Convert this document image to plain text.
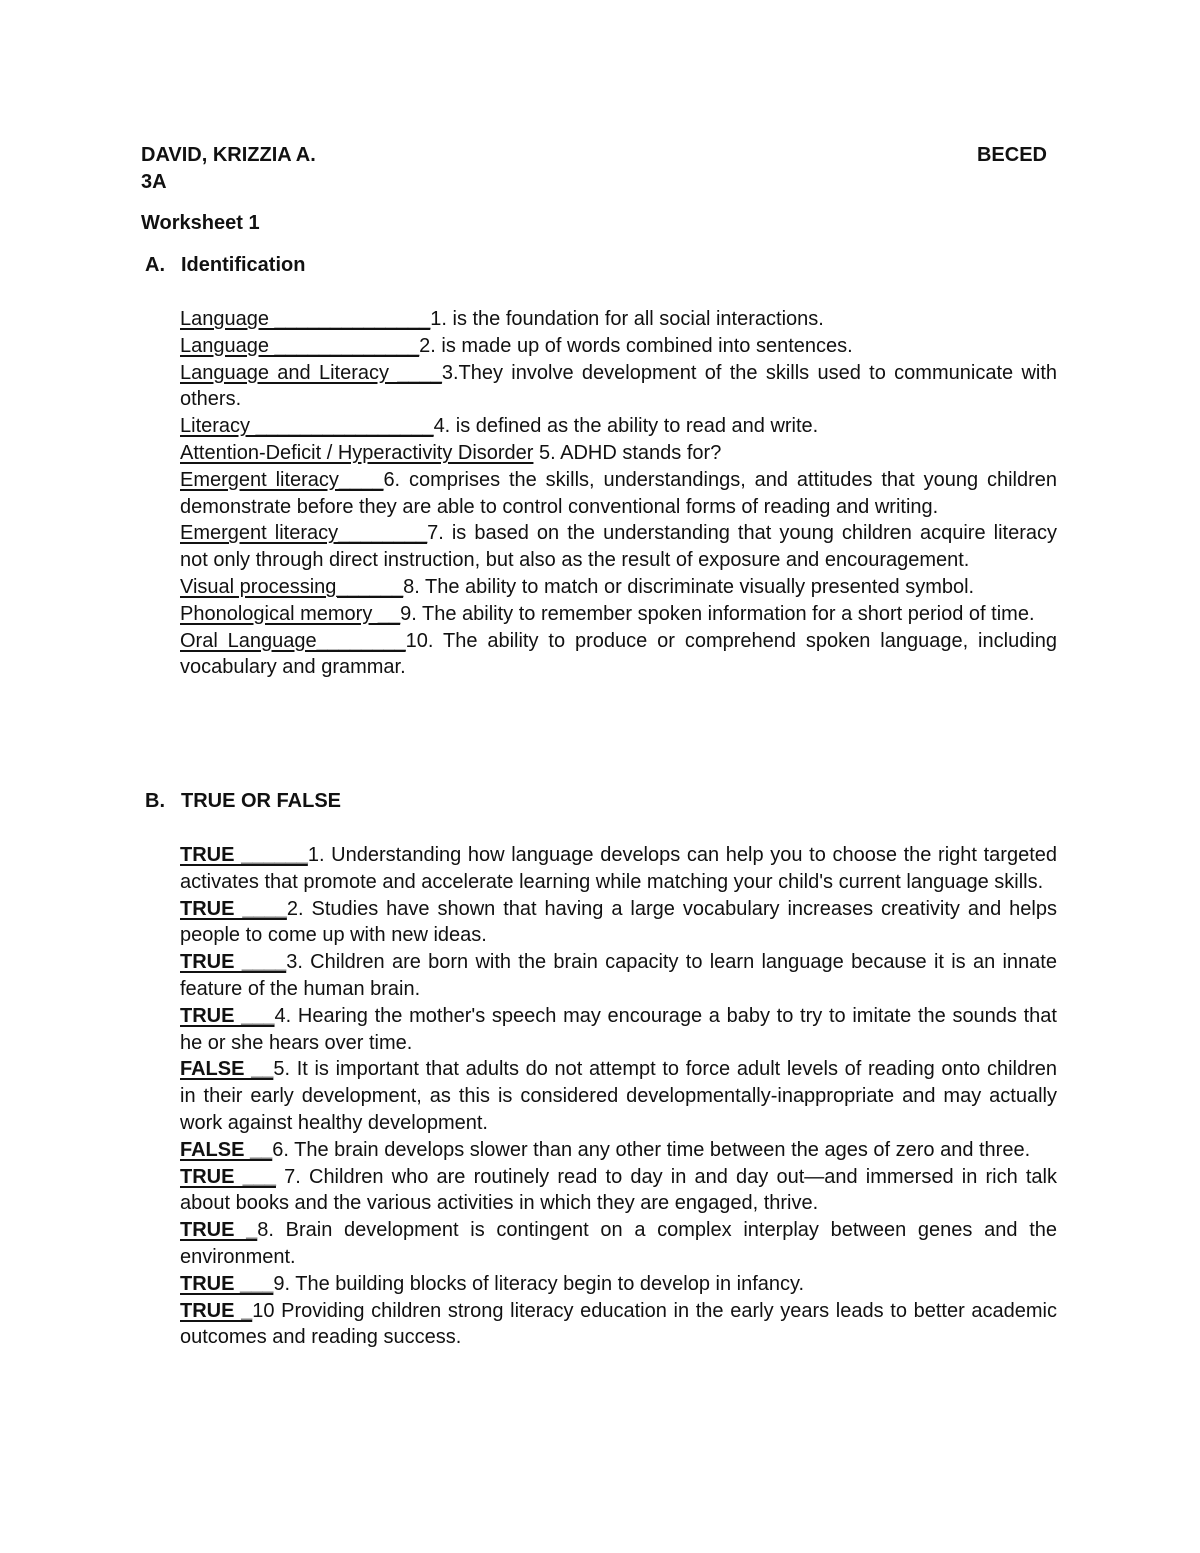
DAVID, KRIZZIA A.	BECED
3A
Worksheet 1
A. Identification

Language ______________1. is the foundation for all social interactions.

Language _____________2. is made up of words combined into sentences.

Language and Literacy ____3.They involve development of the skills used to communicate with others.

Literacy ________________4. is defined as the ability to read and write.

Attention-Deficit / Hyperactivity Disorder 5. ADHD stands for?

Emergent literacy____6. comprises the skills, understandings, and attitudes that young children demonstrate before they are able to control conventional forms of reading and writing.

Emergent literacy________7. is based on the understanding that young children acquire literacy not only through direct instruction, but also as the result of exposure and encouragement.

Visual processing______8. The ability to match or discriminate visually presented symbol.

Phonological memory __9. The ability to remember spoken information for a short period of time.

Oral Language________10. The ability to produce or comprehend spoken language, including vocabulary and grammar.

B. TRUE OR FALSE

TRUE ______1. Understanding how language develops can help you to choose the right targeted activates that promote and accelerate learning while matching your child's current language skills.

TRUE ____2. Studies have shown that having a large vocabulary increases creativity and helps people to come up with new ideas.

TRUE ____3. Children are born with the brain capacity to learn language because it is an innate feature of the human brain.

TRUE ___4. Hearing the mother's speech may encourage a baby to try to imitate the sounds that he or she hears over time.

FALSE __5. It is important that adults do not attempt to force adult levels of reading onto children in their early development, as this is considered developmentally-inappropriate and may actually work against healthy development.

FALSE __6. The brain develops slower than any other time between the ages of zero and three.

TRUE ___ 7. Children who are routinely read to day in and day out—and immersed in rich talk about books and the various activities in which they are engaged, thrive.

TRUE _8. Brain development is contingent on a complex interplay between genes and the environment.

TRUE ___9. The building blocks of literacy begin to develop in infancy.

TRUE _10 Providing children strong literacy education in the early years leads to better academic outcomes and reading success.
